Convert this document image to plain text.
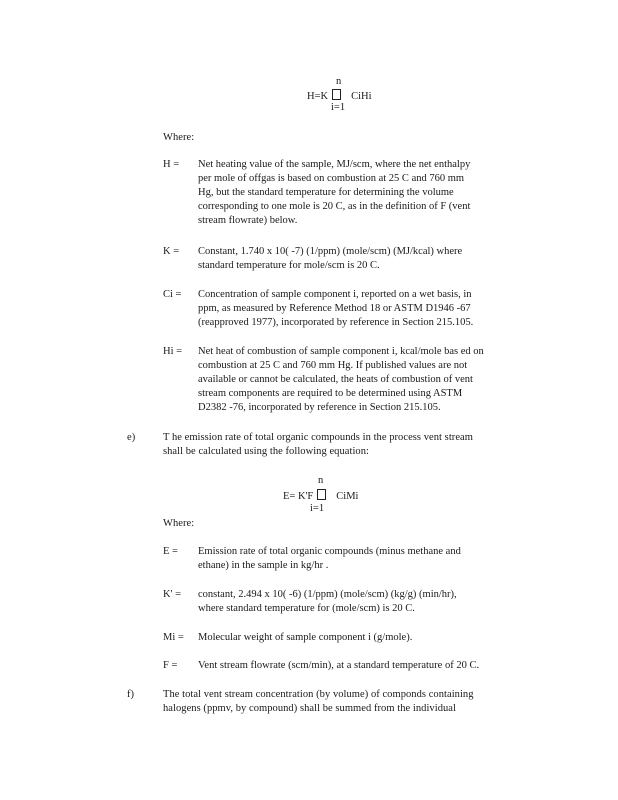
n
H=K CiHi
i=1
Where:
H = Net heating value of the sample, MJ/scm, where the net enthalpy
per mole of offgas is based on combustion at 25 C and 760 mm
Hg, but the standard temperature for determining the volume
corresponding to one mole is 20 C, as in the definition of F (vent
stream flowrate) below.
K = Constant, 1.740 x 10( -7) (1/ppm) (mole/scm) (MJ/kcal) where
standard temperature for mole/scm is 20 C.
Ci = Concentration of sample component i, reported on a wet basis, in
ppm, as measured by Reference Method 18 or ASTM D1946 -67
(reapproved 1977), incorporated by reference in Section 215.105.
Hi = Net heat of combustion of sample component i, kcal/mole bas ed on
combustion at 25 C and 760 mm Hg. If published values are not
available or cannot be calculated, the heats of combustion of vent
stream components are required to be determined using ASTM
D2382 -76, incorporated by reference in Section 215.105.
e)	T he emission rate of total organic compounds in the process vent stream
shall be calculated using the following equation:
n
E= K'F CiMi
i=1
Where:
E = Emission rate of total organic compounds (minus methane and
ethane) in the sample in kg/hr .
K' = constant, 2.494 x 10( -6) (1/ppm) (mole/scm) (kg/g) (min/hr),
where standard temperature for (mole/scm) is 20 C.
Mi = Molecular weight of sample component i (g/mole).
F = Vent stream flowrate (scm/min), at a standard temperature of 20 C.
f)	The total vent stream concentration (by volume) of componds containing
halogens (ppmv, by compound) shall be summed from the individual
